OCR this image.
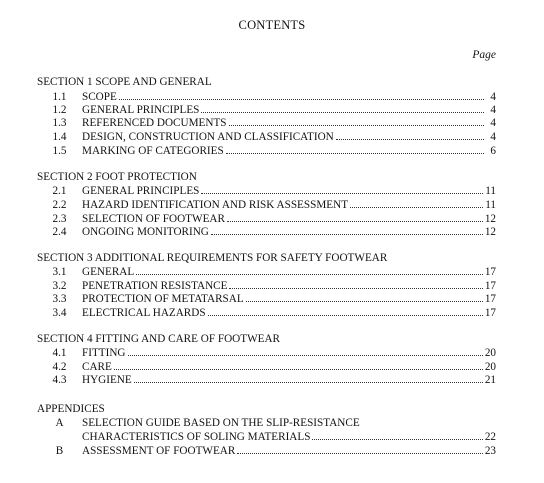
CONTENTS
Page
SECTION 1 SCOPE AND GENERAL
1.1	SCOPE	4
1.2	GENERAL PRINCIPLES	4
1.3	REFERENCED DOCUMENTS	4
1.4	DESIGN, CONSTRUCTION AND CLASSIFICATION	4
1.5	MARKING OF CATEGORIES	6
SECTION 2 FOOT PROTECTION
2.1	GENERAL PRINCIPLES	11
2.2	HAZARD IDENTIFICATION AND RISK ASSESSMENT	11
2.3	SELECTION OF FOOTWEAR	12
2.4	ONGOING MONITORING	12
SECTION 3 ADDITIONAL REQUIREMENTS FOR SAFETY FOOTWEAR
3.1	GENERAL	17
3.2	PENETRATION RESISTANCE	17
3.3	PROTECTION OF METATARSAL	17
3.4	ELECTRICAL HAZARDS	17
SECTION 4 FITTING AND CARE OF FOOTWEAR
4.1	FITTING	20
4.2	CARE	20
4.3	HYGIENE	21
APPENDICES
A	SELECTION GUIDE BASED ON THE SLIP-RESISTANCE
CHARACTERISTICS OF SOLING MATERIALS	22
B	ASSESSMENT OF FOOTWEAR	23
